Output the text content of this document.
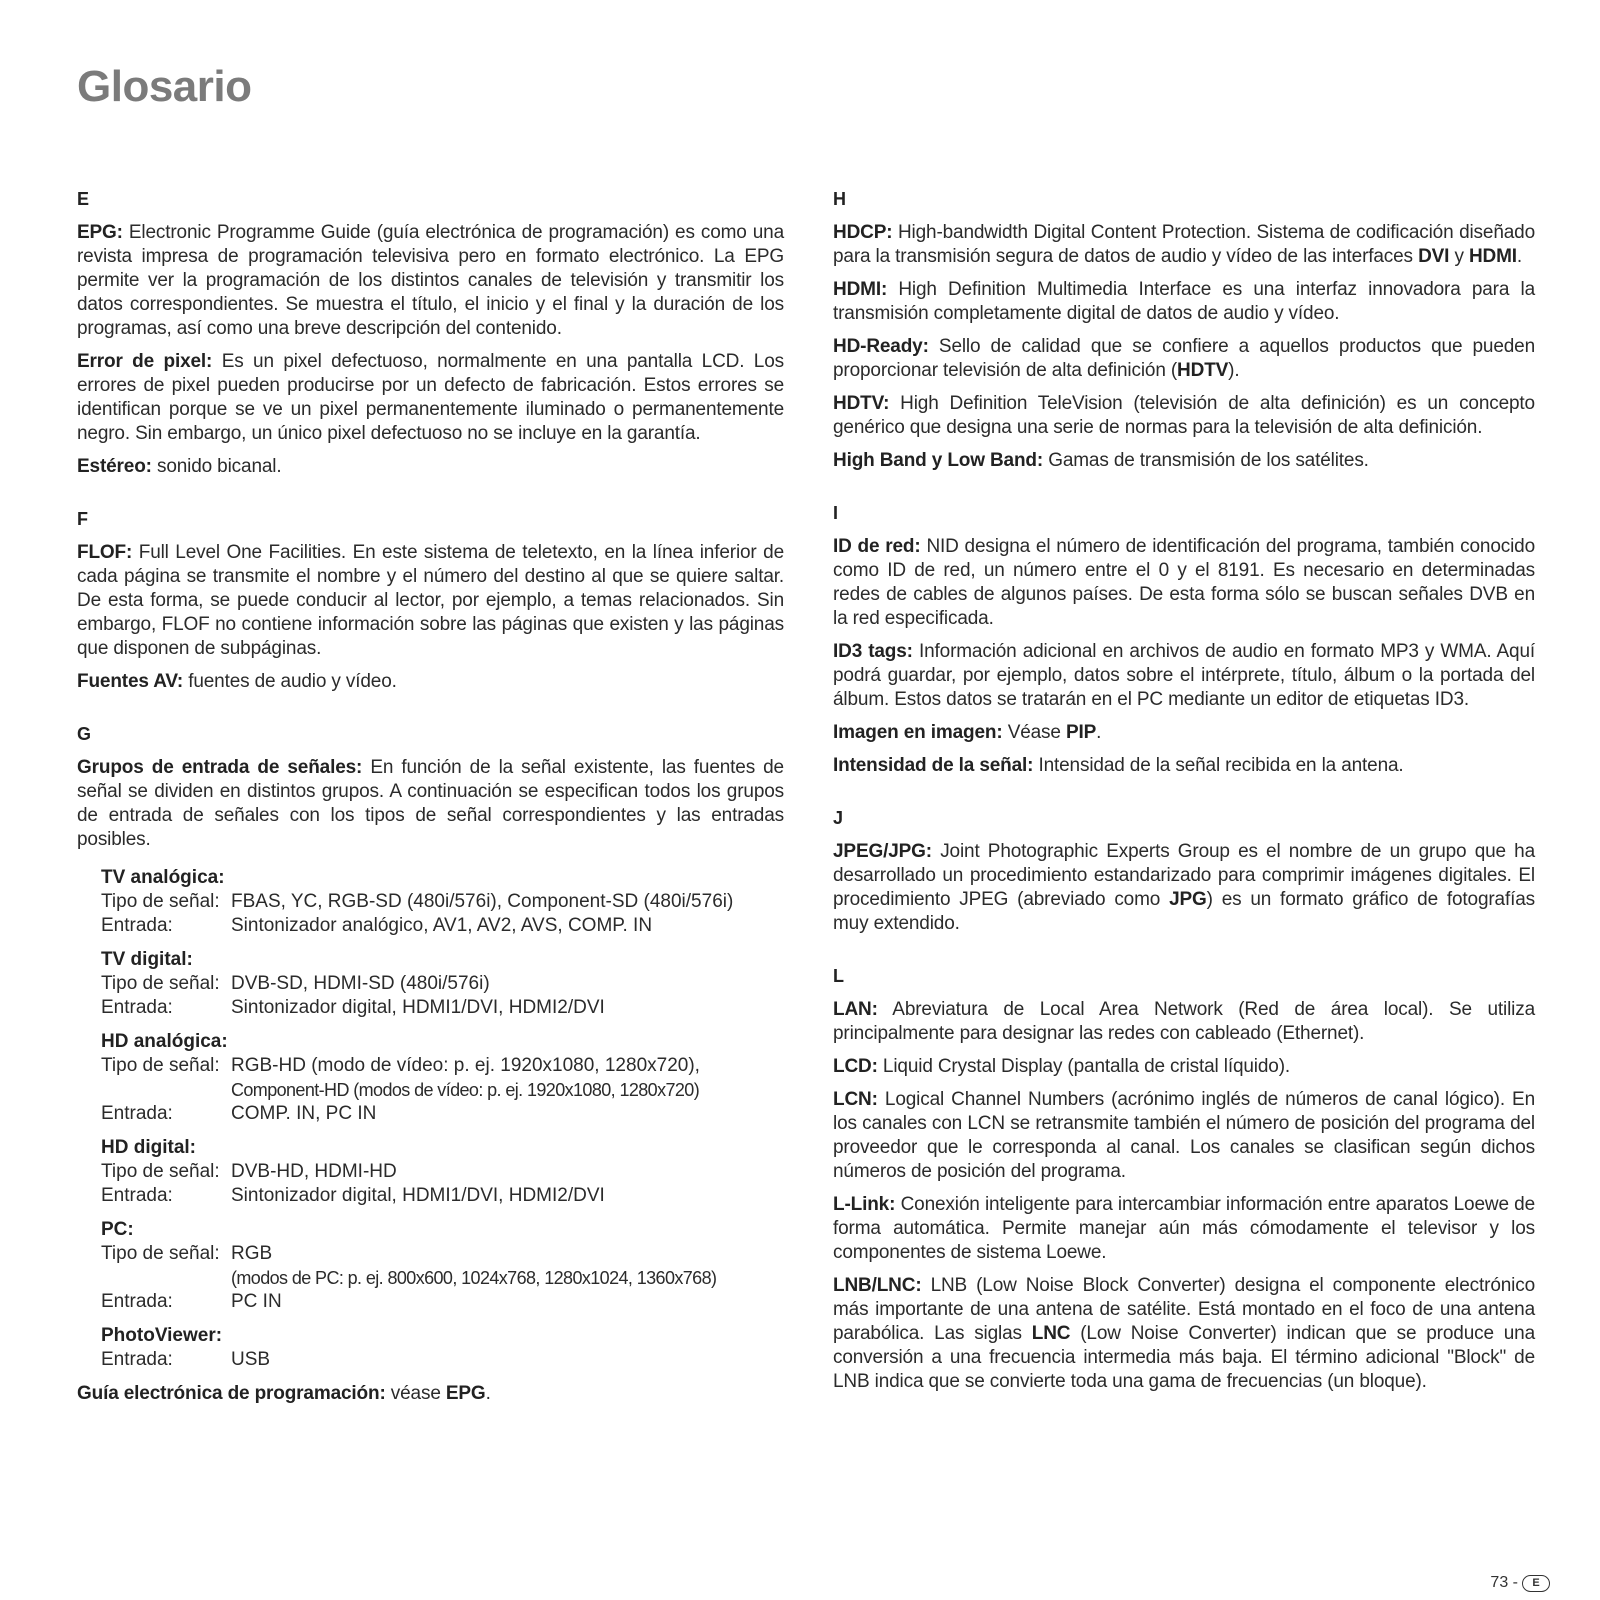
Glosario
E

EPG: Electronic Programme Guide (guía electrónica de programación) es como una revista impresa de programación televisiva pero en formato electrónico. La EPG permite ver la programación de los distintos canales de televisión y transmitir los datos correspondientes. Se muestra el título, el inicio y el final y la duración de los programas, así como una breve descripción del contenido.

Error de pixel: Es un pixel defectuoso, normalmente en una pantalla LCD. Los errores de pixel pueden producirse por un defecto de fabricación. Estos errores se identifican porque se ve un pixel permanentemente iluminado o permanentemente negro. Sin embargo, un único pixel defectuoso no se incluye en la garantía.

Estéreo: sonido bicanal.

F

FLOF: Full Level One Facilities. En este sistema de teletexto, en la línea inferior de cada página se transmite el nombre y el número del destino al que se quiere saltar. De esta forma, se puede conducir al lector, por ejemplo, a temas relacionados. Sin embargo, FLOF no contiene información sobre las páginas que existen y las páginas que disponen de subpáginas.

Fuentes AV: fuentes de audio y vídeo.

G

Grupos de entrada de señales: En función de la señal existente, las fuentes de señal se dividen en distintos grupos. A continuación se especifican todos los grupos de entrada de señales con los tipos de señal correspondientes y las entradas posibles.

TV analógica:
Tipo de señal: FBAS, YC, RGB-SD (480i/576i), Component-SD (480i/576i)
Entrada:	Sintonizador analógico, AV1, AV2, AVS, COMP. IN
TV digital:
Tipo de señal: DVB-SD, HDMI-SD (480i/576i)
Entrada:	Sintonizador digital, HDMI1/DVI, HDMI2/DVI
HD analógica:
Tipo de señal: RGB-HD (modo de vídeo: p. ej. 1920x1080, 1280x720),
Component-HD (modos de vídeo: p. ej. 1920x1080, 1280x720)
Entrada:	COMP. IN, PC IN
HD digital:
Tipo de señal: DVB-HD, HDMI-HD
Entrada:	Sintonizador digital, HDMI1/DVI, HDMI2/DVI
PC:
Tipo de señal: RGB
(modos de PC: p. ej. 800x600, 1024x768, 1280x1024, 1360x768)
Entrada:	PC IN
PhotoViewer:
Entrada:	USB

Guía electrónica de programación: véase EPG.

H

HDCP: High-bandwidth Digital Content Protection. Sistema de codificación diseñado para la transmisión segura de datos de audio y vídeo de las interfaces DVI y HDMI.

HDMI: High Definition Multimedia Interface es una interfaz innovadora para la transmisión completamente digital de datos de audio y vídeo.

HD-Ready: Sello de calidad que se confiere a aquellos productos que pueden proporcionar televisión de alta definición (HDTV).

HDTV: High Definition TeleVision (televisión de alta definición) es un concepto genérico que designa una serie de normas para la televisión de alta definición.

High Band y Low Band: Gamas de transmisión de los satélites.

I

ID de red: NID designa el número de identificación del programa, también conocido como ID de red, un número entre el 0 y el 8191. Es necesario en determinadas redes de cables de algunos países. De esta forma sólo se buscan señales DVB en la red especificada.

ID3 tags: Información adicional en archivos de audio en formato MP3 y WMA. Aquí podrá guardar, por ejemplo, datos sobre el intérprete, título, álbum o la portada del álbum. Estos datos se tratarán en el PC mediante un editor de etiquetas ID3.

Imagen en imagen: Véase PIP.

Intensidad de la señal: Intensidad de la señal recibida en la antena.

J

JPEG/JPG: Joint Photographic Experts Group es el nombre de un grupo que ha desarrollado un procedimiento estandarizado para comprimir imágenes digitales. El procedimiento JPEG (abreviado como JPG) es un formato gráfico de fotografías muy extendido.

L

LAN: Abreviatura de Local Area Network (Red de área local). Se utiliza principalmente para designar las redes con cableado (Ethernet).

LCD: Liquid Crystal Display (pantalla de cristal líquido).

LCN: Logical Channel Numbers (acrónimo inglés de números de canal lógico). En los canales con LCN se retransmite también el número de posición del programa del proveedor que le corresponda al canal. Los canales se clasifican según dichos números de posición del programa.

L-Link: Conexión inteligente para intercambiar información entre aparatos Loewe de forma automática. Permite manejar aún más cómodamente el televisor y los componentes de sistema Loewe.

LNB/LNC: LNB (Low Noise Block Converter) designa el componente electrónico más importante de una antena de satélite. Está montado en el foco de una antena parabólica. Las siglas LNC (Low Noise Converter) indican que se produce una conversión a una frecuencia intermedia más baja. El término adicional "Block" de LNB indica que se convierte toda una gama de frecuencias (un bloque).

73 -	E
